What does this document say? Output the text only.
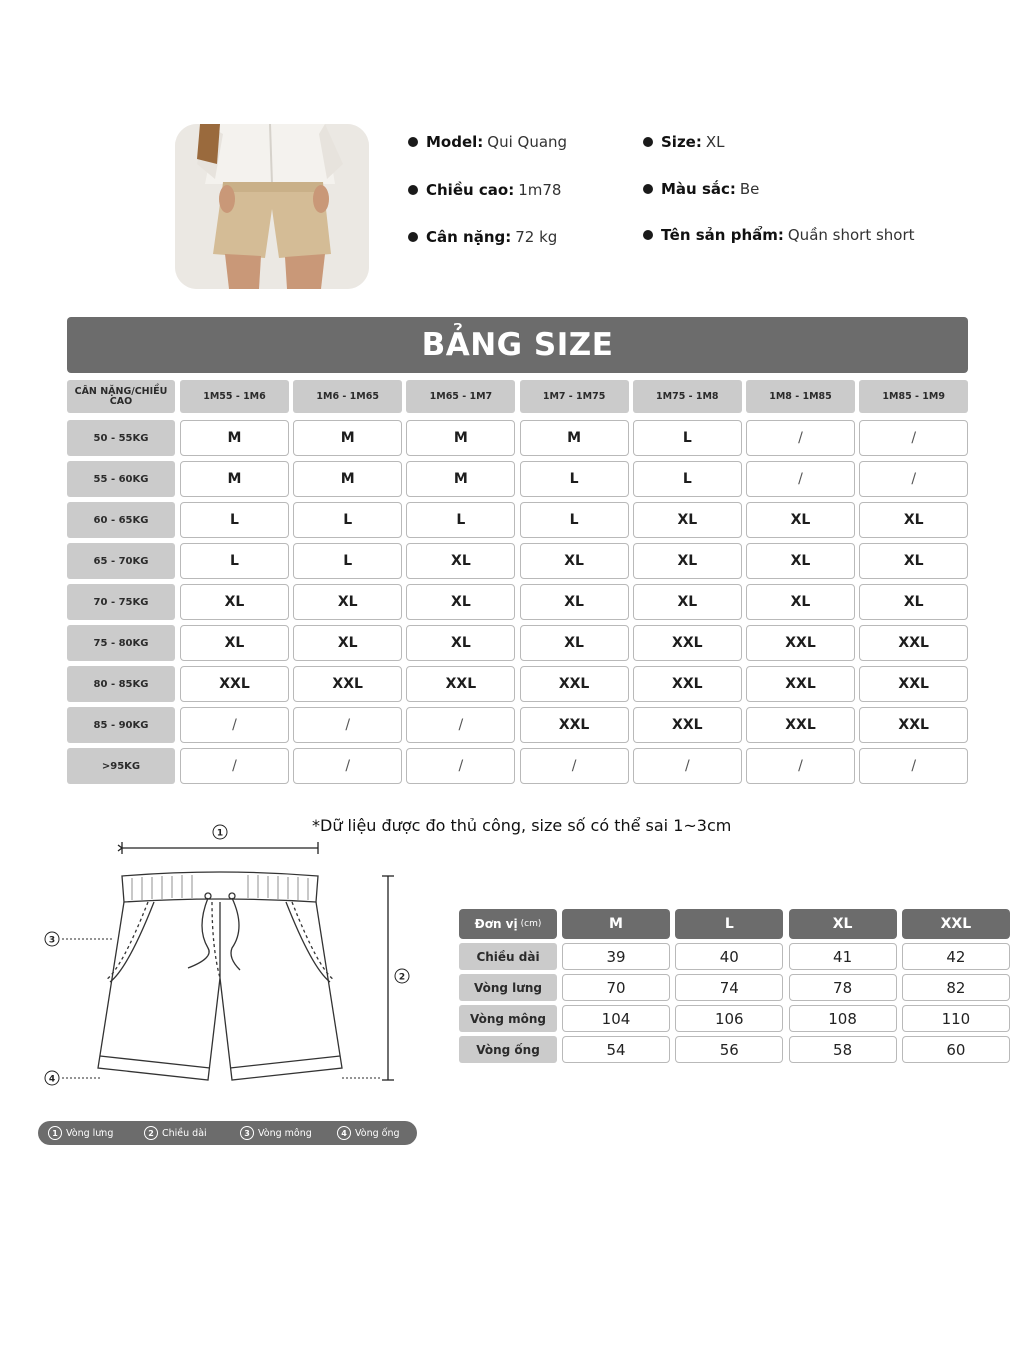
Model: Qui Quang
Chiều cao: 1m78
Cân nặng: 72 kg
Size: XL
Màu sắc: Be
Tên sản phẩm: Quần short short
BẢNG SIZE
CÂN NẶNG/CHIỀU CAO	1M55 - 1M6	1M6 - 1M65	1M65 - 1M7	1M7 - 1M75	1M75 - 1M8	1M8 - 1M85	1M85 - 1M9
50 - 55KG	M	M	M	M	L	/	/
55 - 60KG	M	M	M	L	L	/	/
60 - 65KG	L	L	L	L	XL	XL	XL
65 - 70KG	L	L	XL	XL	XL	XL	XL
70 - 75KG	XL	XL	XL	XL	XL	XL	XL
75 - 80KG	XL	XL	XL	XL	XXL	XXL	XXL
80 - 85KG	XXL	XXL	XXL	XXL	XXL	XXL	XXL
85 - 90KG	/	/	/	XXL	XXL	XXL	XXL
>95KG	/	/	/	/	/	/	/
*Dữ liệu được đo thủ công, size số có thể sai 1~3cm
1
2
3
4
1 Vòng lưng	2 Chiều dài	3 Vòng mông	4 Vòng ống
Đơn vị (cm)	M	L	XL	XXL
Chiều dài	39	40	41	42
Vòng lưng	70	74	78	82
Vòng mông	104	106	108	110
Vòng ống	54	56	58	60
